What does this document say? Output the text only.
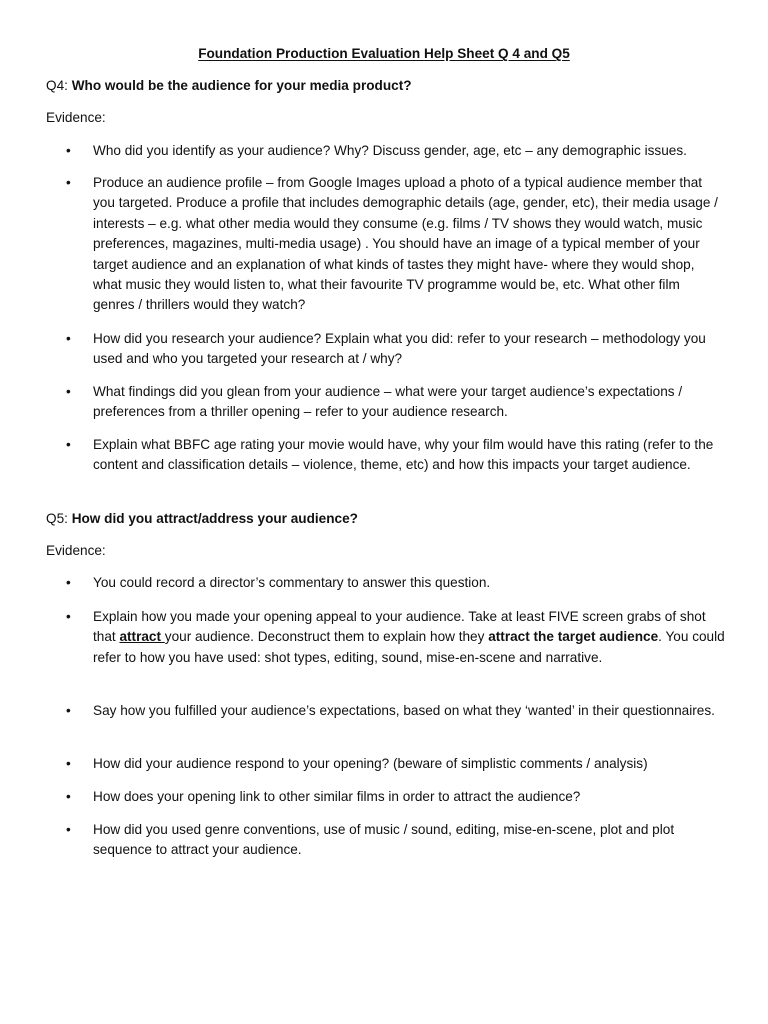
Foundation Production Evaluation Help Sheet Q 4 and Q5
Q4: Who would be the audience for your media product?
Evidence:
• Who did you identify as your audience? Why? Discuss gender, age, etc – any demographic issues.
• Produce an audience profile – from Google Images upload a photo of a typical audience member that you targeted. Produce a profile that includes demographic details (age, gender, etc), their media usage / interests – e.g. what other media would they consume (e.g. films / TV shows they would watch, music preferences, magazines, multi-media usage) . You should have an image of a typical member of your target audience and an explanation of what kinds of tastes they might have- where they would shop, what music they would listen to, what their favourite TV programme would be, etc. What other film genres / thrillers would they watch?
• How did you research your audience? Explain what you did: refer to your research – methodology you used and who you targeted your research at / why?
• What findings did you glean from your audience – what were your target audience’s expectations / preferences from a thriller opening – refer to your audience research.
• Explain what BBFC age rating your movie would have, why your film would have this rating (refer to the content and classification details – violence, theme, etc) and how this impacts your target audience.
Q5: How did you attract/address your audience?
Evidence:
• You could record a director’s commentary to answer this question.
• Explain how you made your opening appeal to your audience. Take at least FIVE screen grabs of shot that attract your audience. Deconstruct them to explain how they attract the target audience. You could refer to how you have used: shot types, editing, sound, mise-en-scene and narrative.
• Say how you fulfilled your audience’s expectations, based on what they ‘wanted’ in their questionnaires.
• How did your audience respond to your opening? (beware of simplistic comments / analysis)
• How does your opening link to other similar films in order to attract the audience?
• How did you used genre conventions, use of music / sound, editing, mise-en-scene, plot and plot sequence to attract your audience.
